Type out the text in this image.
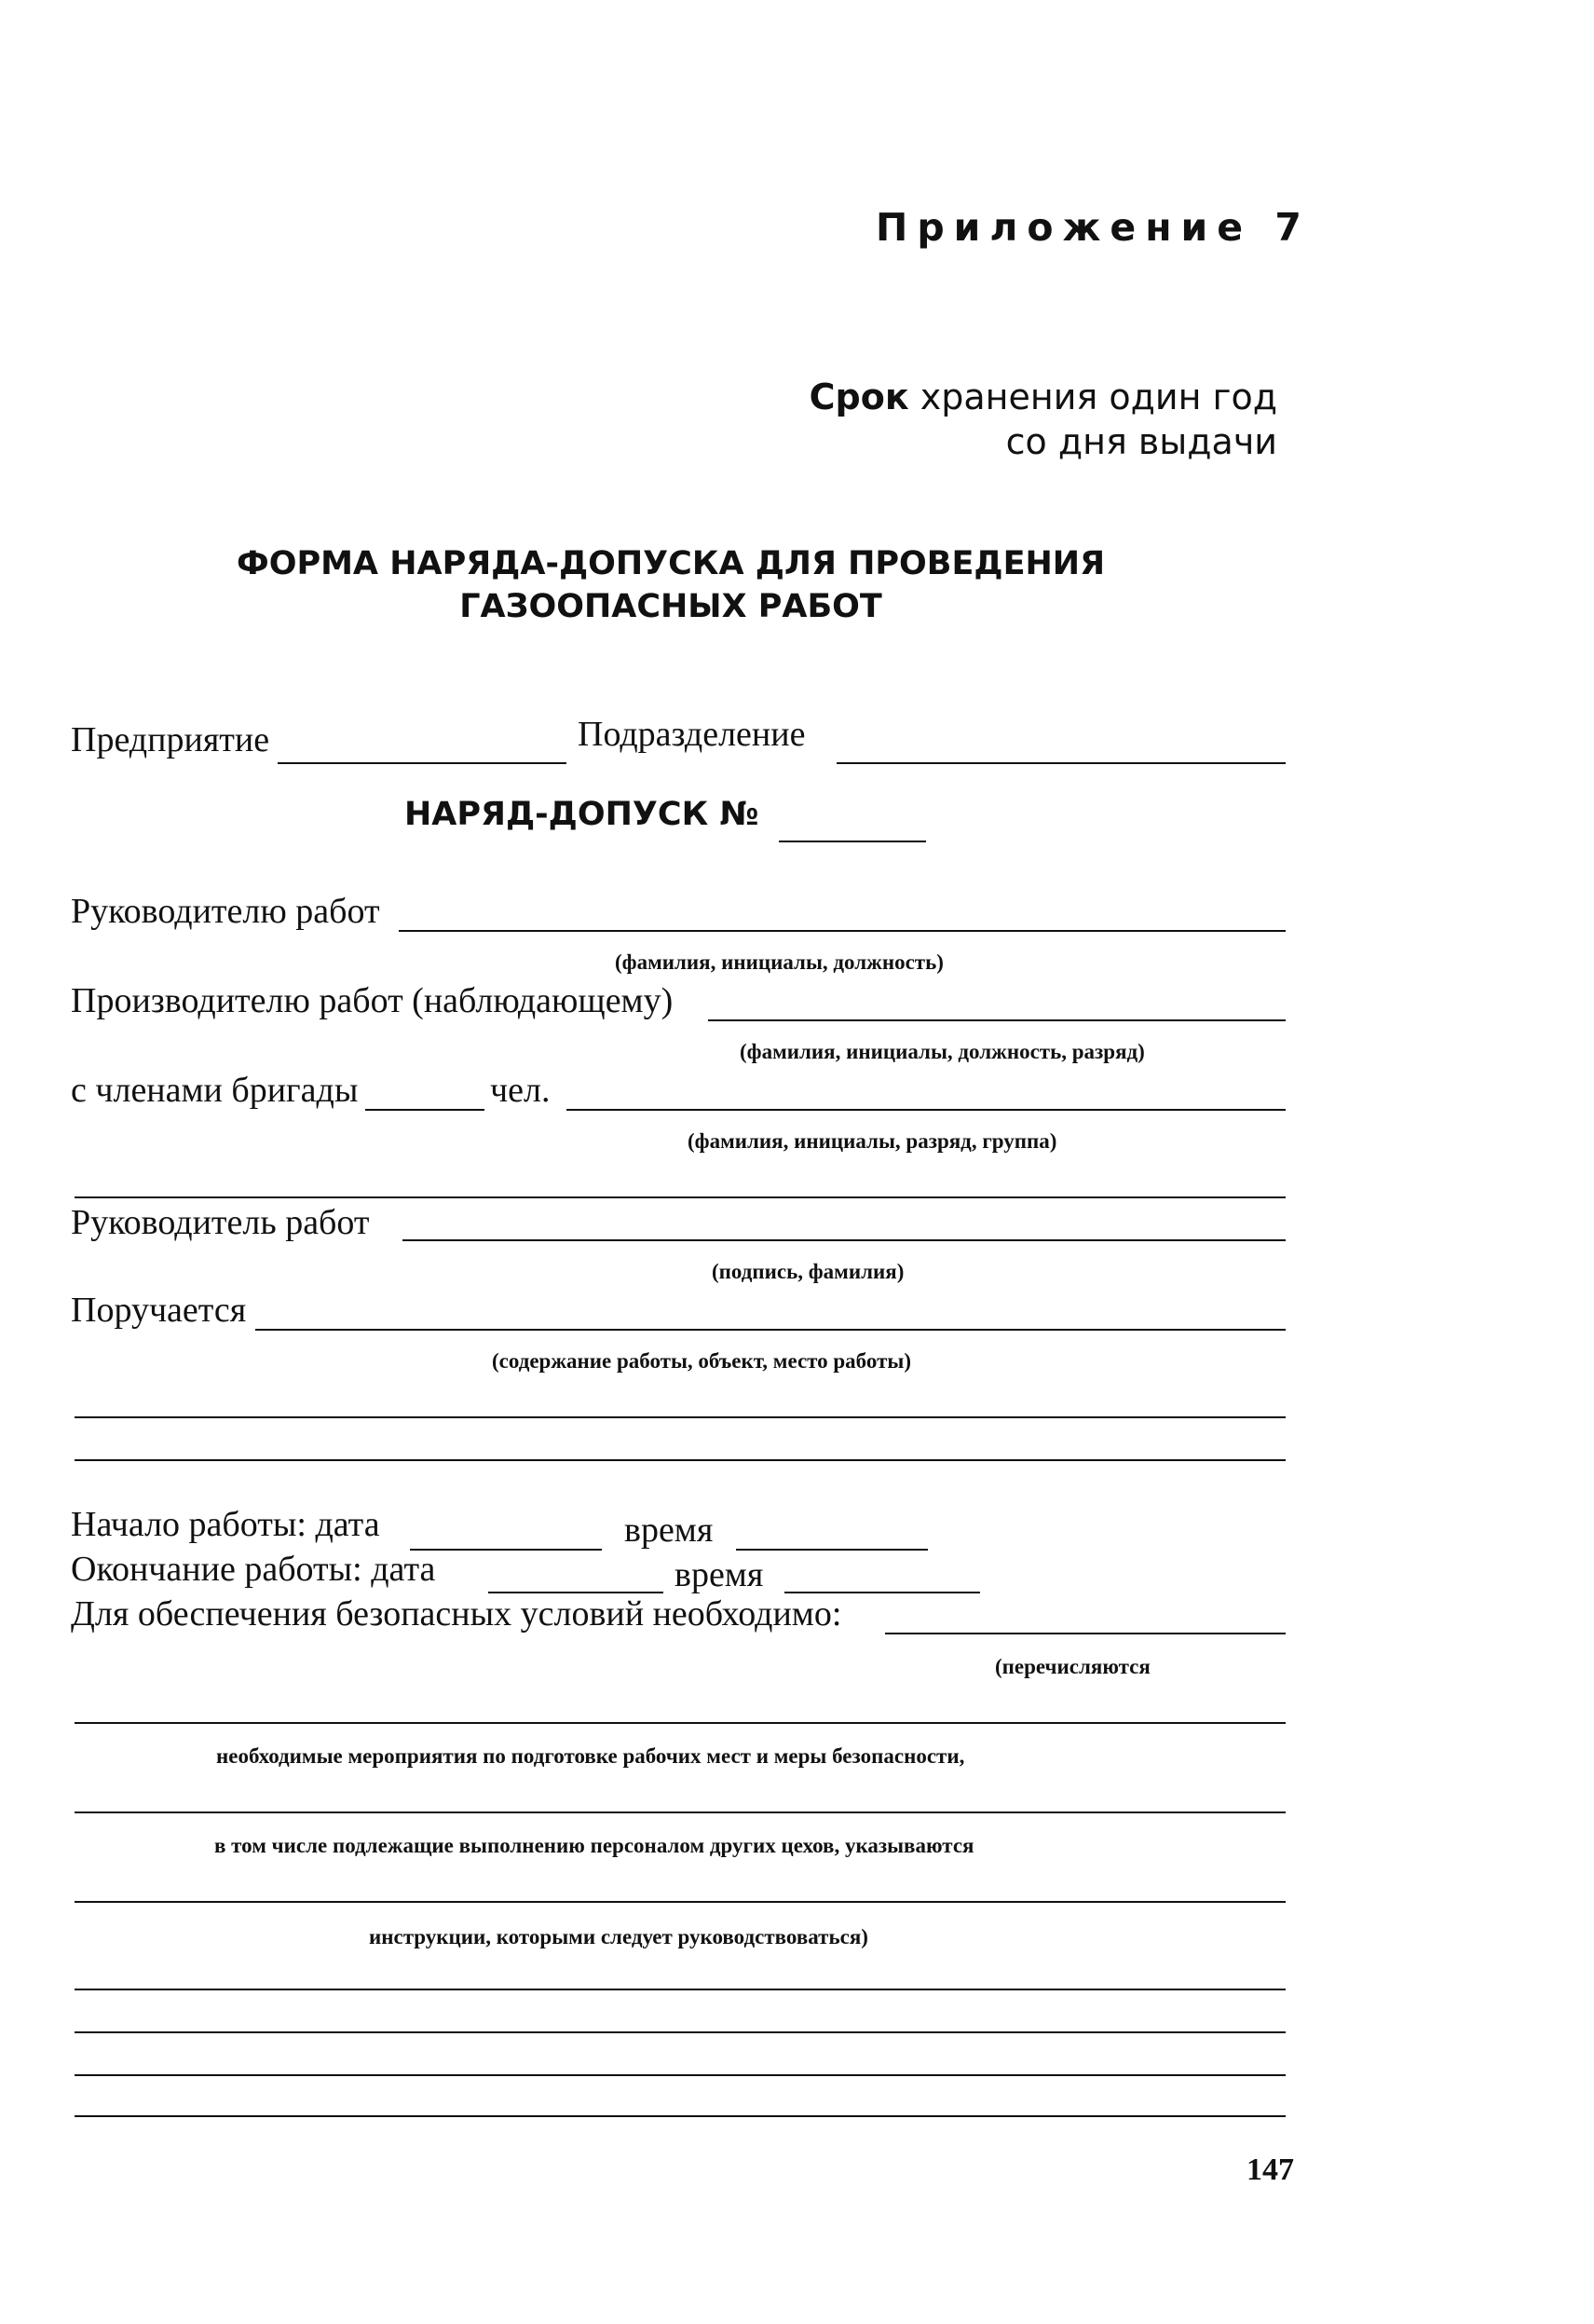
Приложение 7
Срок хранения один год
со дня выдачи
ФОРМА НАРЯДА-ДОПУСКА ДЛЯ ПРОВЕДЕНИЯ
ГАЗООПАСНЫХ РАБОТ
Предприятие	Подразделение
НАРЯД-ДОПУСК №
Руководителю работ
(фамилия, инициалы, должность)
Производителю работ (наблюдающему)
(фамилия, инициалы, должность, разряд)
с членами бригады	чел.
(фамилия, инициалы, разряд, группа)
Руководитель работ
(подпись, фамилия)
Поручается
(содержание работы, объект, место работы)
Начало работы: дата	время
Окончание работы: дата	время
Для обеспечения безопасных условий необходимо:
(перечисляются
необходимые мероприятия по подготовке рабочих мест и меры безопасности,
в том числе подлежащие выполнению персоналом других цехов, указываются
инструкции, которыми следует руководствоваться)
147
